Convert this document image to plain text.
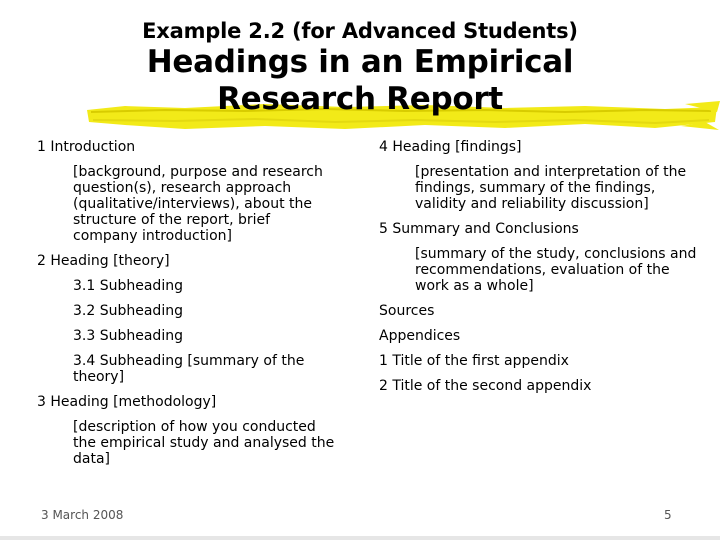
Example 2.2 (for Advanced Students)
Headings in an Empirical
Research Report
1 Introduction
[background, purpose and research question(s), research approach (qualitative/interviews), about the structure of the report, brief company introduction]
2 Heading [theory]
3.1 Subheading
3.2 Subheading
3.3 Subheading
3.4 Subheading [summary of the theory]
3 Heading [methodology]
[description of how you conducted the empirical study and analysed the data]
4 Heading [findings]
[presentation and interpretation of the findings, summary of the findings, validity and reliability discussion]
5 Summary and Conclusions
[summary of the study, conclusions and recommendations, evaluation of the work as a whole]
Sources
Appendices
1 Title of the first appendix
2 Title of the second appendix
3 March 2008	5
